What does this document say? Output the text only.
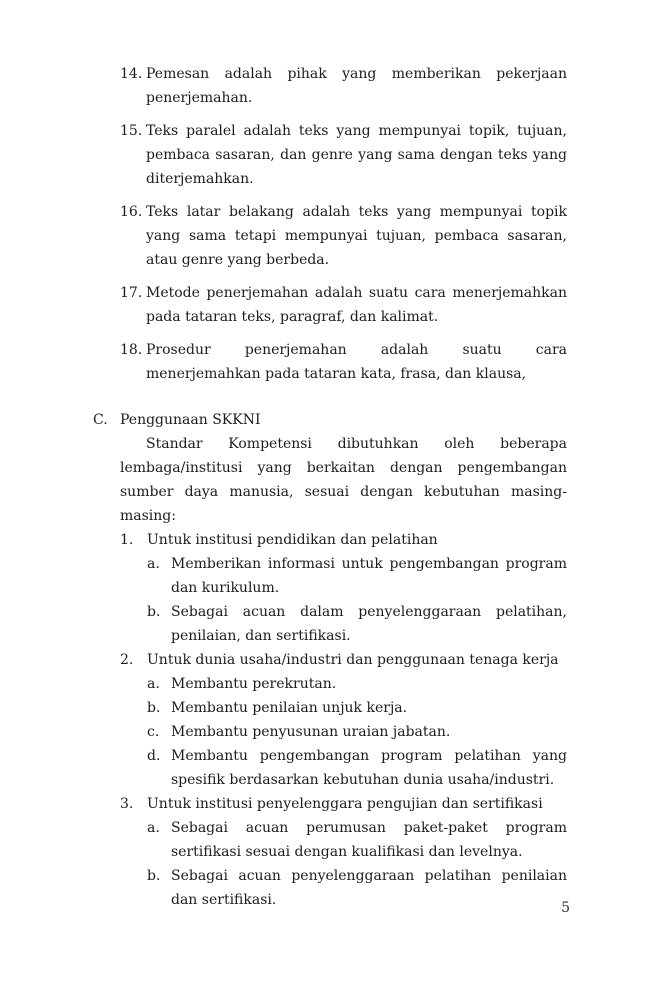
14. Pemesan adalah pihak yang memberikan pekerjaan penerjemahan.
15. Teks paralel adalah teks yang mempunyai topik, tujuan, pembaca sasaran, dan genre yang sama dengan teks yang diterjemahkan.
16. Teks latar belakang adalah teks yang mempunyai topik yang sama tetapi mempunyai tujuan, pembaca sasaran, atau genre yang berbeda.
17. Metode penerjemahan adalah suatu cara menerjemahkan pada tataran teks, paragraf, dan kalimat.
18. Prosedur penerjemahan adalah suatu cara menerjemahkan pada tataran kata, frasa, dan klausa,
C. Penggunaan SKKNI

Standar Kompetensi dibutuhkan oleh beberapa lembaga/institusi yang berkaitan dengan pengembangan sumber daya manusia, sesuai dengan kebutuhan masing-masing:

1. Untuk institusi pendidikan dan pelatihan
a. Memberikan informasi untuk pengembangan program dan kurikulum.
b. Sebagai acuan dalam penyelenggaraan pelatihan, penilaian, dan sertifikasi.
2. Untuk dunia usaha/industri dan penggunaan tenaga kerja
a. Membantu perekrutan.
b. Membantu penilaian unjuk kerja.
c. Membantu penyusunan uraian jabatan.
d. Membantu pengembangan program pelatihan yang spesifik berdasarkan kebutuhan dunia usaha/industri.
3. Untuk institusi penyelenggara pengujian dan sertifikasi
a. Sebagai acuan perumusan paket-paket program sertifikasi sesuai dengan kualifikasi dan levelnya.
b. Sebagai acuan penyelenggaraan pelatihan penilaian dan sertifikasi.	5
